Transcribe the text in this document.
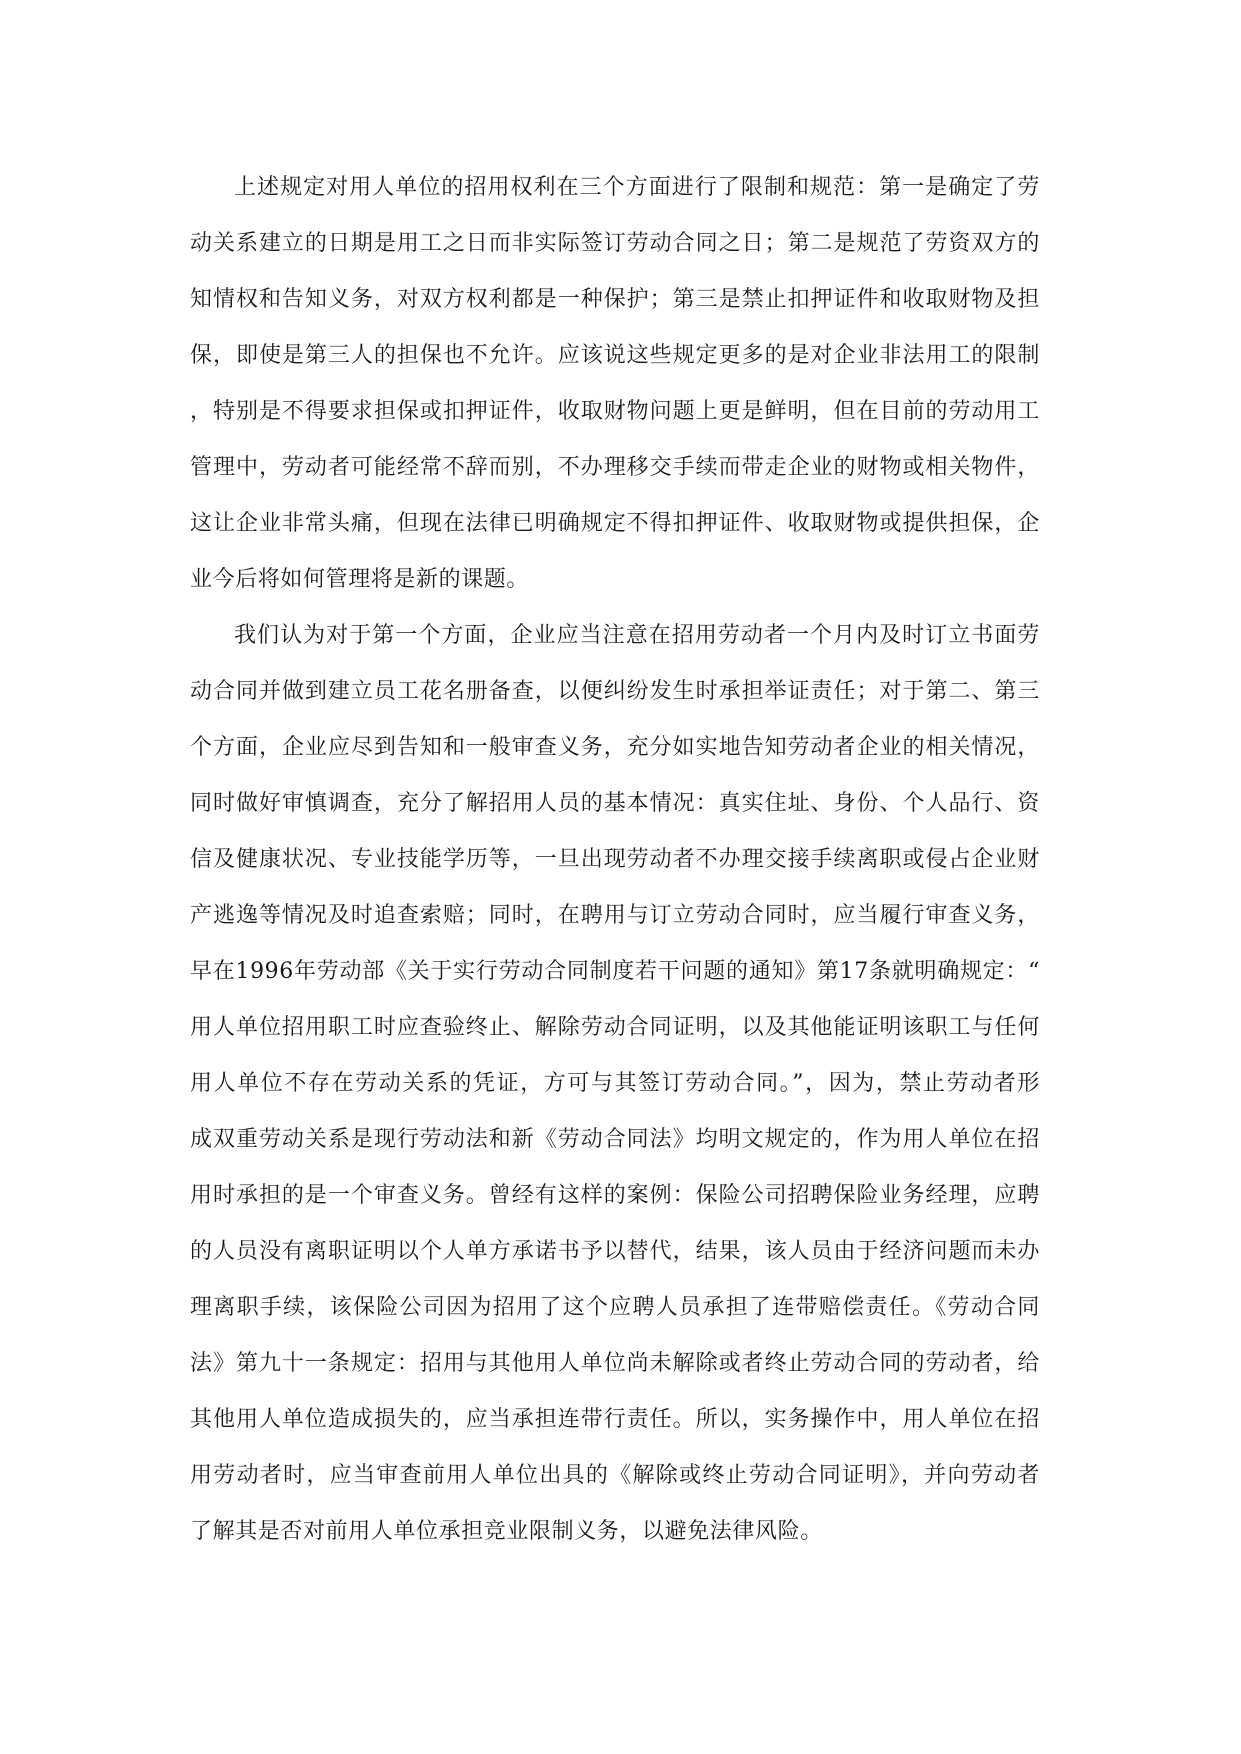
上述规定对用人单位的招用权利在三个方面进行了限制和规范：第一是确定了劳
动关系建立的日期是用工之日而非实际签订劳动合同之日；第二是规范了劳资双方的
知情权和告知义务，对双方权利都是一种保护；第三是禁止扣押证件和收取财物及担
保，即使是第三人的担保也不允许。应该说这些规定更多的是对企业非法用工的限制
，特别是不得要求担保或扣押证件，收取财物问题上更是鲜明，但在目前的劳动用工
管理中，劳动者可能经常不辞而别，不办理移交手续而带走企业的财物或相关物件，
这让企业非常头痛，但现在法律已明确规定不得扣押证件、收取财物或提供担保，企
业今后将如何管理将是新的课题。
我们认为对于第一个方面，企业应当注意在招用劳动者一个月内及时订立书面劳
动合同并做到建立员工花名册备查，以便纠纷发生时承担举证责任；对于第二、第三
个方面，企业应尽到告知和一般审查义务，充分如实地告知劳动者企业的相关情况，
同时做好审慎调查，充分了解招用人员的基本情况：真实住址、身份、个人品行、资
信及健康状况、专业技能学历等，一旦出现劳动者不办理交接手续离职或侵占企业财
产逃逸等情况及时追查索赔；同时，在聘用与订立劳动合同时，应当履行审查义务，
早在1996年劳动部《关于实行劳动合同制度若干问题的通知》第17条就明确规定：“
用人单位招用职工时应查验终止、解除劳动合同证明，以及其他能证明该职工与任何
用人单位不存在劳动关系的凭证，方可与其签订劳动合同。”，因为，禁止劳动者形
成双重劳动关系是现行劳动法和新《劳动合同法》均明文规定的，作为用人单位在招
用时承担的是一个审查义务。曾经有这样的案例：保险公司招聘保险业务经理，应聘
的人员没有离职证明以个人单方承诺书予以替代，结果，该人员由于经济问题而未办
理离职手续，该保险公司因为招用了这个应聘人员承担了连带赔偿责任。《劳动合同
法》第九十一条规定：招用与其他用人单位尚未解除或者终止劳动合同的劳动者，给
其他用人单位造成损失的，应当承担连带行责任。所以，实务操作中，用人单位在招
用劳动者时，应当审查前用人单位出具的《解除或终止劳动合同证明》，并向劳动者
了解其是否对前用人单位承担竞业限制义务，以避免法律风险。
